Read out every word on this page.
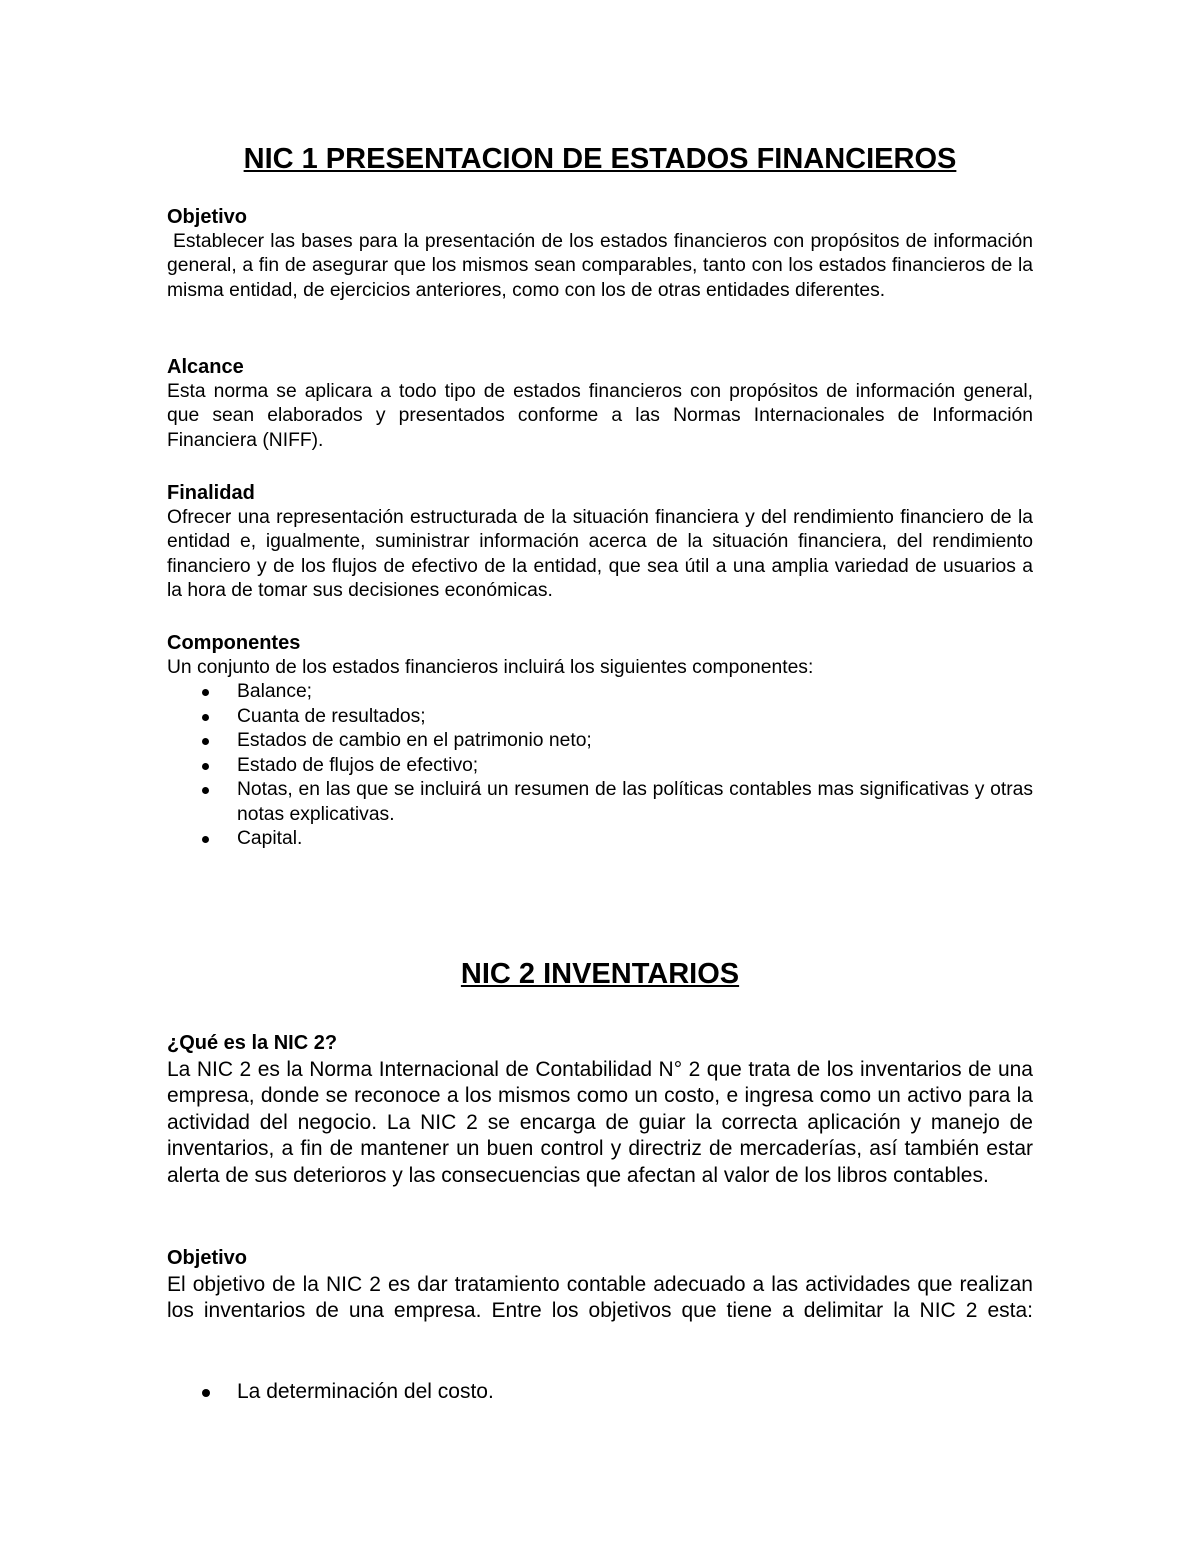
NIC 1 PRESENTACION DE ESTADOS FINANCIEROS

Objetivo

Establecer las bases para la presentación de los estados financieros con propósitos de información general, a fin de asegurar que los mismos sean comparables, tanto con los estados financieros de la misma entidad, de ejercicios anteriores, como con los de otras entidades diferentes.

Alcance

Esta norma se aplicara a todo tipo de estados financieros con propósitos de información general, que sean elaborados y presentados conforme a las Normas Internacionales de Información Financiera (NIFF).

Finalidad

Ofrecer una representación estructurada de la situación financiera y del rendimiento financiero de la entidad e, igualmente, suministrar información acerca de la situación financiera, del rendimiento financiero y de los flujos de efectivo de la entidad, que sea útil a una amplia variedad de usuarios a la hora de tomar sus decisiones económicas.

Componentes

Un conjunto de los estados financieros incluirá los siguientes componentes:

Balance;
Cuanta de resultados;
Estados de cambio en el patrimonio neto;
Estado de flujos de efectivo;
Notas, en las que se incluirá un resumen de las políticas contables mas significativas y otras notas explicativas.
Capital.
NIC 2 INVENTARIOS

¿Qué es la NIC 2?

La NIC 2 es la Norma Internacional de Contabilidad N° 2 que trata de los inventarios de una empresa, donde se reconoce a los mismos como un costo, e ingresa como un activo para la actividad del negocio. La NIC 2 se encarga de guiar la correcta aplicación y manejo de inventarios, a fin de mantener un buen control y directriz de mercaderías, así también estar alerta de sus deterioros y las consecuencias que afectan al valor de los libros contables.

Objetivo

El objetivo de la NIC 2 es dar tratamiento contable adecuado a las actividades que realizan los inventarios de una empresa. Entre los objetivos que tiene a delimitar la NIC 2 esta:

La determinación del costo.
